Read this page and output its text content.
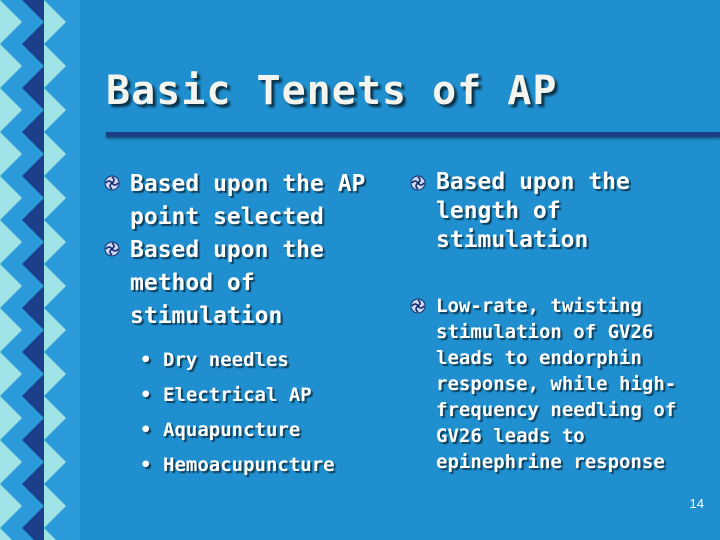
Basic Tenets of AP
Based upon the AP point selected
Based upon the method of stimulation
• Dry needles
• Electrical AP
• Aquapuncture
• Hemoacupuncture
Based upon the length of stimulation
Low-rate, twisting stimulation of GV26 leads to endorphin response, while high-frequency needling of GV26 leads to epinephrine response
14
